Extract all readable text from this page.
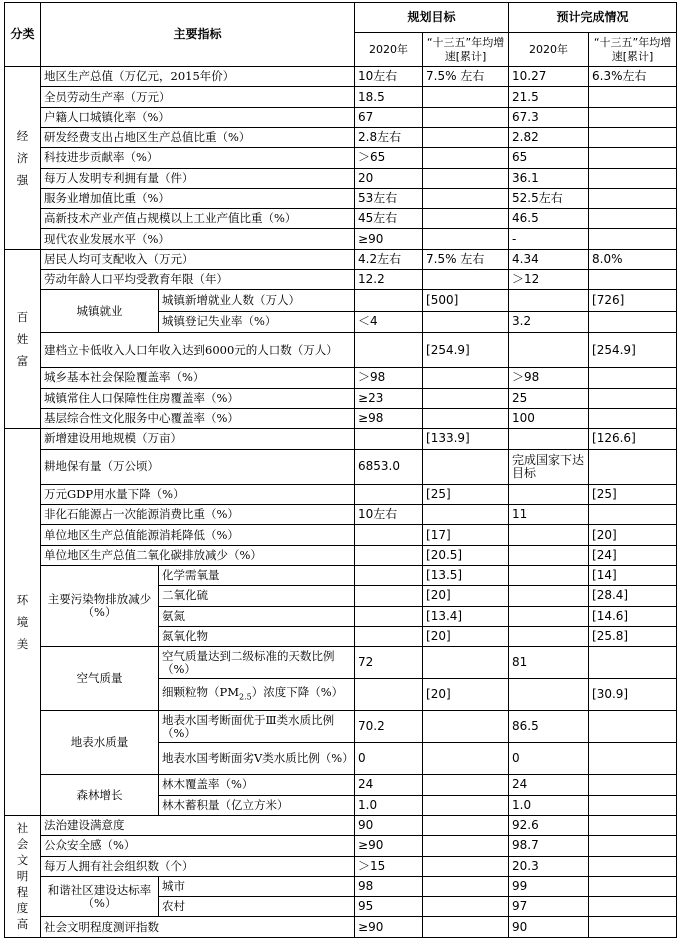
分类	主要指标		规划目标		预计完成情况	
			2020年	“十三五”年均增速[累计]	2020年	“十三五”年均增速[累计]

经济强	地区生产总值（万亿元，2015年价）		10左右	7.5% 左右	10.27	6.3%左右
	全员劳动生产率（万元）		18.5		21.5	
	户籍人口城镇化率（%）		67		67.3	
	研发经费支出占地区生产总值比重（%）		2.8左右		2.82	
	科技进步贡献率（%）		＞65		65	
	每万人发明专利拥有量（件）		20		36.1	
	服务业增加值比重（%）		53左右		52.5左右	
	高新技术产业产值占规模以上工业产值比重（%）		45左右		46.5	
	现代农业发展水平（%）		≥90		-	

百姓富	居民人均可支配收入（万元）		4.2左右	7.5% 左右	4.34	8.0%
	劳动年龄人口平均受教育年限（年）		12.2		＞12	
	城镇就业	城镇新增就业人数（万人）		[500]		[726]
		城镇登记失业率（%）	＜4		3.2	
	建档立卡低收入人口年收入达到6000元的人口数（万人）			[254.9]		[254.9]
	城乡基本社会保险覆盖率（%）		＞98		＞98	
	城镇常住人口保障性住房覆盖率（%）		≥23		25	
	基层综合性文化服务中心覆盖率（%）		≥98		100	

环境美	新增建设用地规模（万亩）			[133.9]		[126.6]
	耕地保有量（万公顷）		6853.0		完成国家下达目标	
	万元GDP用水量下降（%）			[25]		[25]
	非化石能源占一次能源消费比重（%）		10左右		11	
	单位地区生产总值能源消耗降低（%）			[17]		[20]
	单位地区生产总值二氧化碳排放减少（%）			[20.5]		[24]
	主要污染物排放减少（%）	化学需氧量		[13.5]		[14]
		二氧化硫		[20]		[28.4]
		氨氮		[13.4]		[14.6]
		氮氧化物		[20]		[25.8]
	空气质量	空气质量达到二级标准的天数比例（%）	72		81	
		细颗粒物$(PM_{2.5})$浓度下降（%）		[20]		[30.9]
	地表水质量	地表水国考断面优于Ⅲ类水质比例（%）	70.2		86.5	
		地表水国考断面劣Ⅴ类水质比例（%）	0		0	
	森林增长	林木覆盖率（%）	24		24	
		林木蓄积量（亿立方米）	1.0		1.0	

社会文明程度高	法治建设满意度		90		92.6	
	公众安全感（%）		≥90		98.7	
	每万人拥有社会组织数（个）		＞15		20.3	
	和谐社区建设达标率（%）	城市	98		99	
		农村	95		97	
	社会文明程度测评指数		≥90		90	
